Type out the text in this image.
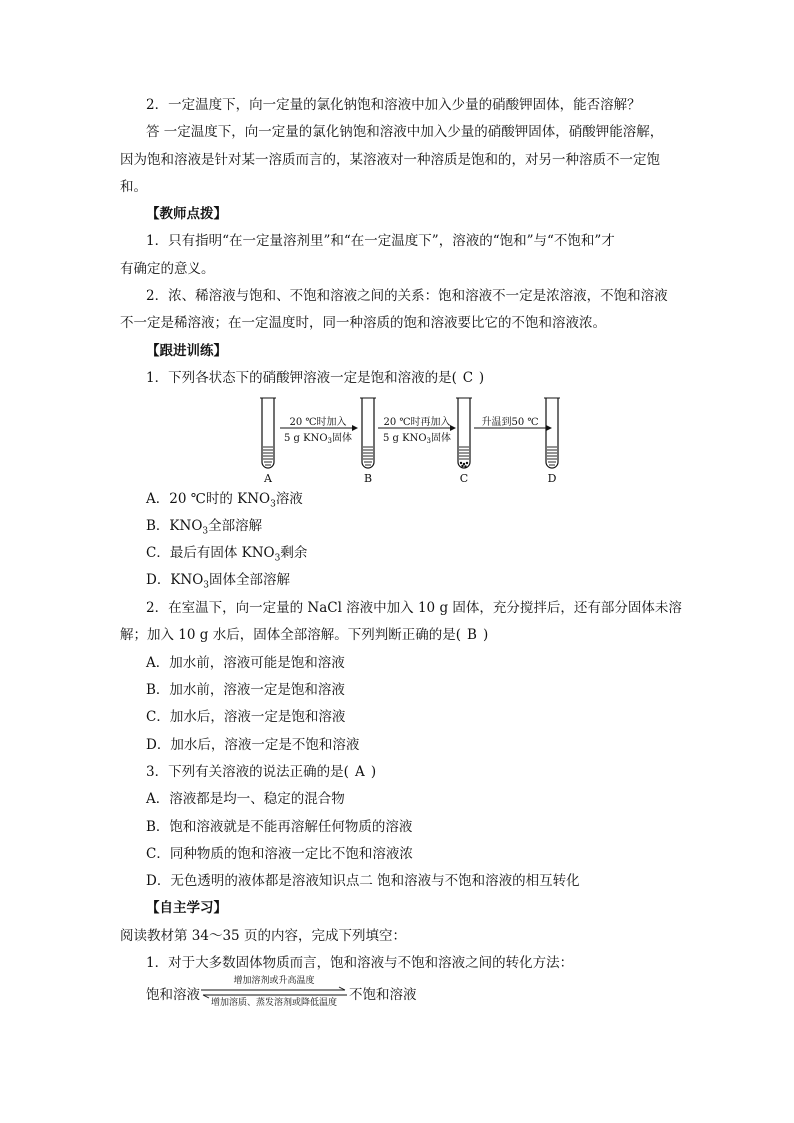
2．一定温度下，向一定量的氯化钠饱和溶液中加入少量的硝酸钾固体，能否溶解？
答 一定温度下，向一定量的氯化钠饱和溶液中加入少量的硝酸钾固体，硝酸钾能溶解，
因为饱和溶液是针对某一溶质而言的，某溶液对一种溶质是饱和的，对另一种溶质不一定饱
和。
【教师点拨】
1．只有指明“在一定量溶剂里”和“在一定温度下”，溶液的“饱和”与“不饱和”才
有确定的意义。
2．浓、稀溶液与饱和、不饱和溶液之间的关系：饱和溶液不一定是浓溶液，不饱和溶液
不一定是稀溶液；在一定温度时，同一种溶质的饱和溶液要比它的不饱和溶液浓。
【跟进训练】
1．下列各状态下的硝酸钾溶液一定是饱和溶液的是( C )
20 ℃时加入
5 g $KNO_3$固体
20 ℃时再加入
5 g $KNO_3$固体
升温到50 ℃
A	B	C	D
A．20 ℃时的 $KNO_3$溶液
B．$KNO_3$全部溶解
C．最后有固体 $KNO_3$剩余
D．$KNO_3$固体全部溶解
2．在室温下，向一定量的 NaCl 溶液中加入 10 g 固体，充分搅拌后，还有部分固体未溶
解；加入 10 g 水后，固体全部溶解。下列判断正确的是( B )
A．加水前，溶液可能是饱和溶液
B．加水前，溶液一定是饱和溶液
C．加水后，溶液一定是饱和溶液
D．加水后，溶液一定是不饱和溶液
3．下列有关溶液的说法正确的是( A )
A．溶液都是均一、稳定的混合物
B．饱和溶液就是不能再溶解任何物质的溶液
C．同种物质的饱和溶液一定比不饱和溶液浓
D．无色透明的液体都是溶液知识点二 饱和溶液与不饱和溶液的相互转化
【自主学习】
阅读教材第 34～35 页的内容，完成下列填空：
1．对于大多数固体物质而言，饱和溶液与不饱和溶液之间的转化方法：
饱和溶液
增加溶剂或升高温度
增加溶质、蒸发溶剂或降低温度 不饱和溶液
